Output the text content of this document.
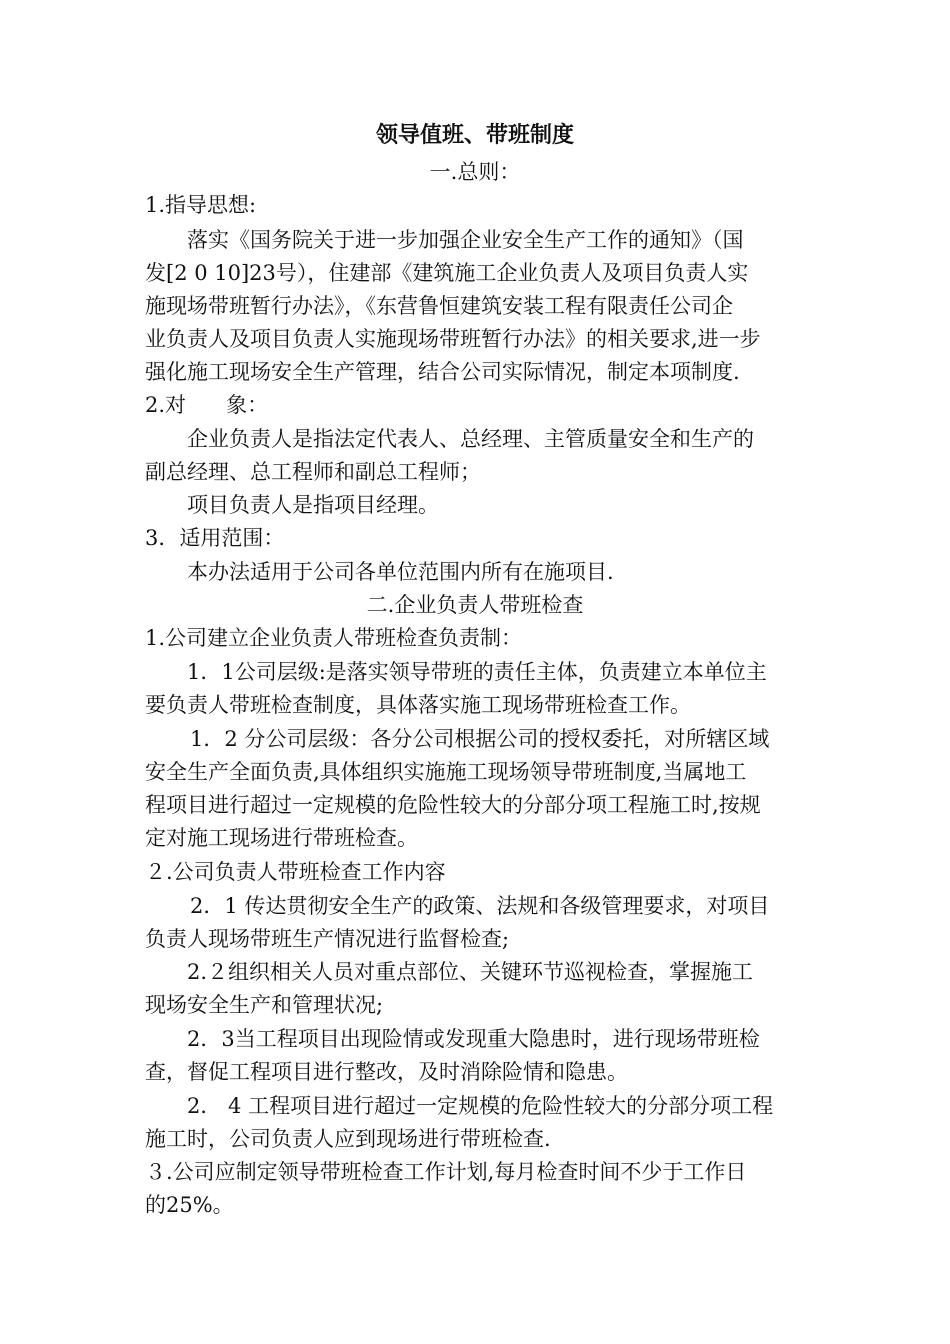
领导值班、带班制度
一.总则：
1.指导思想:
落实《国务院关于进一步加强企业安全生产工作的通知》（国
发[2 0 10]23号），住建部《建筑施工企业负责人及项目负责人实
施现场带班暂行办法》，《东营鲁恒建筑安装工程有限责任公司企
业负责人及项目负责人实施现场带班暂行办法》的相关要求,进一步
强化施工现场安全生产管理，结合公司实际情况，制定本项制度.
2.对      象：
企业负责人是指法定代表人、总经理、主管质量安全和生产的
副总经理、总工程师和副总工程师；
项目负责人是指项目经理。
3．适用范围：
本办法适用于公司各单位范围内所有在施项目.
二.企业负责人带班检查
1.公司建立企业负责人带班检查负责制：
1．1公司层级:是落实领导带班的责任主体，负责建立本单位主
要负责人带班检查制度，具体落实施工现场带班检查工作。
1．2 分公司层级：各分公司根据公司的授权委托，对所辖区域
安全生产全面负责,具体组织实施施工现场领导带班制度,当属地工
程项目进行超过一定规模的危险性较大的分部分项工程施工时,按规
定对施工现场进行带班检查。
２.公司负责人带班检查工作内容
2．1 传达贯彻安全生产的政策、法规和各级管理要求，对项目
负责人现场带班生产情况进行监督检查;
2.２组织相关人员对重点部位、关键环节巡视检查，掌握施工
现场安全生产和管理状况;
2．3当工程项目出现险情或发现重大隐患时，进行现场带班检
查，督促工程项目进行整改，及时消除险情和隐患。
2． 4 工程项目进行超过一定规模的危险性较大的分部分项工程
施工时，公司负责人应到现场进行带班检查.
３.公司应制定领导带班检查工作计划,每月检查时间不少于工作日
的25%。
